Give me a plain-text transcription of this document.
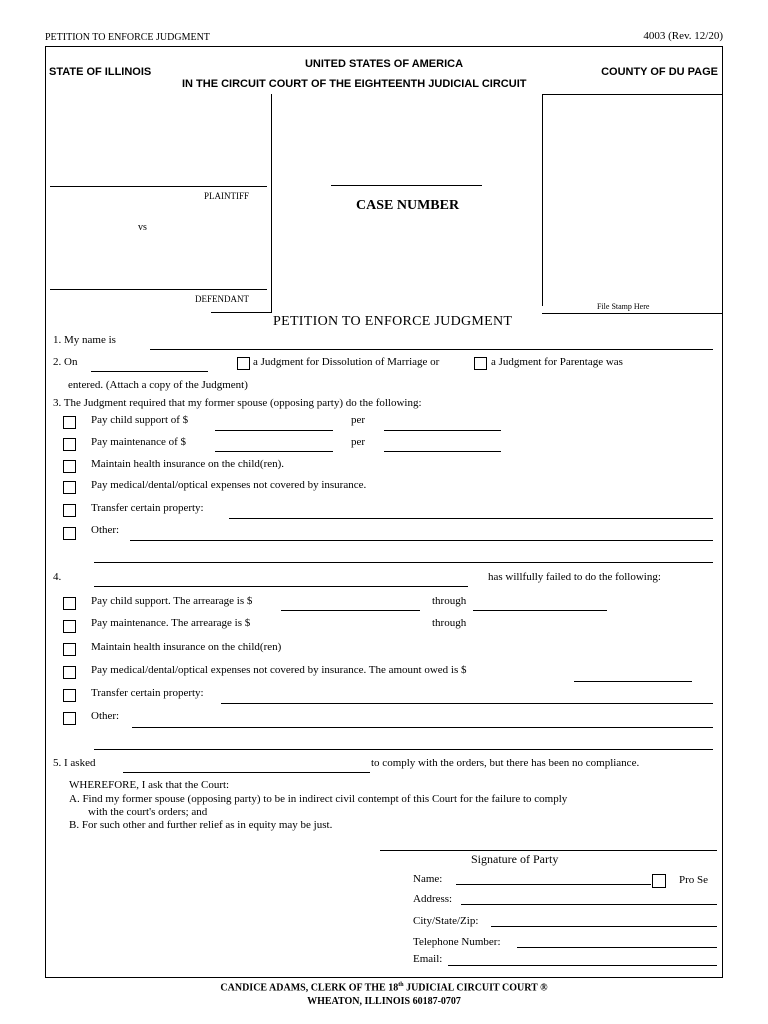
PETITION TO ENFORCE JUDGMENT	4003 (Rev. 12/20)
STATE OF ILLINOIS
UNITED STATES OF AMERICA
IN THE CIRCUIT COURT OF THE EIGHTEENTH JUDICIAL CIRCUIT
COUNTY OF DU PAGE
PLAINTIFF
vs
DEFENDANT
CASE NUMBER
File Stamp Here
PETITION TO ENFORCE JUDGMENT
1. My name is
2. On	a Judgment for Dissolution of Marriage or	a Judgment for Parentage was
entered. (Attach a copy of the Judgment)
3. The Judgment required that my former spouse (opposing party) do the following:
Pay child support of $	per
Pay maintenance of $	per
Maintain health insurance on the child(ren).
Pay medical/dental/optical expenses not covered by insurance.
Transfer certain property:
Other:
4.	has willfully failed to do the following:
Pay child support. The arrearage is $	through
Pay maintenance. The arrearage is $	through
Maintain health insurance on the child(ren)
Pay medical/dental/optical expenses not covered by insurance. The amount owed is $
Transfer certain property:
Other:
5. I asked	to comply with the orders, but there has been no compliance.
WHEREFORE, I ask that the Court:
A. Find my former spouse (opposing party) to be in indirect civil contempt of this Court for the failure to comply
with the court's orders; and
B. For such other and further relief as in equity may be just.
Signature of Party
Name:	Pro Se
Address:
City/State/Zip:
Telephone Number:
Email:
CANDICE ADAMS, CLERK OF THE 18th JUDICIAL CIRCUIT COURT ®
WHEATON, ILLINOIS 60187-0707
